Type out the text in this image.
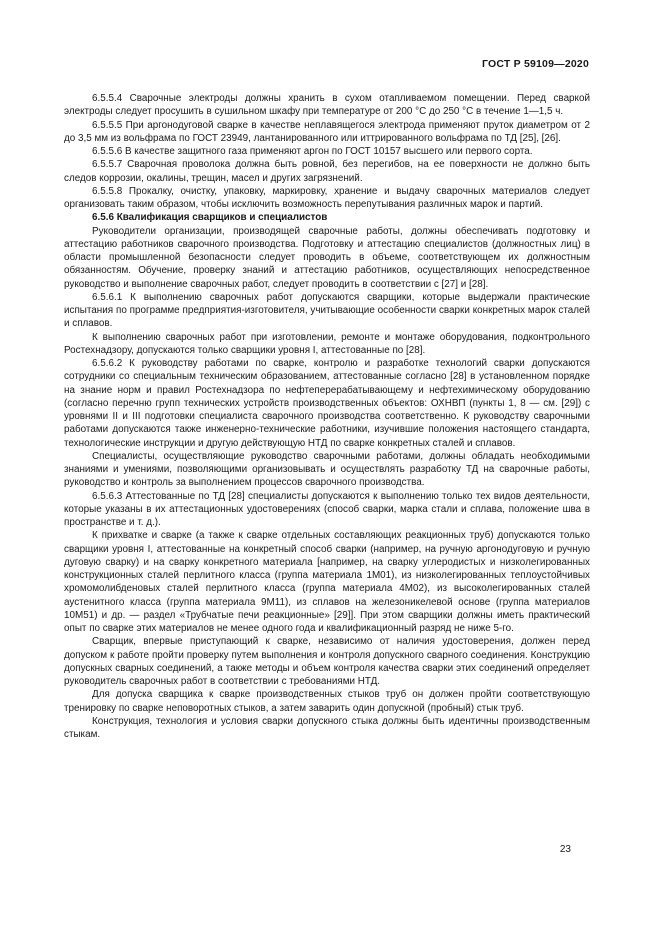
ГОСТ Р 59109—2020

6.5.5.4 Сварочные электроды должны хранить в сухом отапливаемом помещении. Перед сваркой электроды следует просушить в сушильном шкафу при температуре от 200 °С до 250 °С в течение 1—1,5 ч.

6.5.5.5 При аргонодуговой сварке в качестве неплавящегося электрода применяют пруток диаметром от 2 до 3,5 мм из вольфрама по ГОСТ 23949, лантанированного или иттрированного вольфрама по ТД [25], [26].

6.5.5.6 В качестве защитного газа применяют аргон по ГОСТ 10157 высшего или первого сорта.

6.5.5.7 Сварочная проволока должна быть ровной, без перегибов, на ее поверхности не должно быть следов коррозии, окалины, трещин, масел и других загрязнений.

6.5.5.8 Прокалку, очистку, упаковку, маркировку, хранение и выдачу сварочных материалов следует организовать таким образом, чтобы исключить возможность перепутывания различных марок и партий.

6.5.6 Квалификация сварщиков и специалистов

Руководители организации, производящей сварочные работы, должны обеспечивать подготовку и аттестацию работников сварочного производства. Подготовку и аттестацию специалистов (должностных лиц) в области промышленной безопасности следует проводить в объеме, соответствующем их должностным обязанностям. Обучение, проверку знаний и аттестацию работников, осуществляющих непосредственное руководство и выполнение сварочных работ, следует проводить в соответствии с [27] и [28].

6.5.6.1 К выполнению сварочных работ допускаются сварщики, которые выдержали практические испытания по программе предприятия-изготовителя, учитывающие особенности сварки конкретных марок сталей и сплавов.

К выполнению сварочных работ при изготовлении, ремонте и монтаже оборудования, подконтрольного Ростехнадзору, допускаются только сварщики уровня I, аттестованные по [28].

6.5.6.2 К руководству работами по сварке, контролю и разработке технологий сварки допускаются сотрудники со специальным техническим образованием, аттестованные согласно [28] в установленном порядке на знание норм и правил Ростехнадзора по нефтеперерабатывающему и нефтехимическому оборудованию (согласно перечню групп технических устройств производственных объектов: ОХНВП (пункты 1, 8 — см. [29]) с уровнями II и III подготовки специалиста сварочного производства соответственно. К руководству сварочными работами допускаются также инженерно-технические работники, изучившие положения настоящего стандарта, технологические инструкции и другую действующую НТД по сварке конкретных сталей и сплавов.

Специалисты, осуществляющие руководство сварочными работами, должны обладать необходимыми знаниями и умениями, позволяющими организовывать и осуществлять разработку ТД на сварочные работы, руководство и контроль за выполнением процессов сварочного производства.

6.5.6.3 Аттестованные по ТД [28] специалисты допускаются к выполнению только тех видов деятельности, которые указаны в их аттестационных удостоверениях (способ сварки, марка стали и сплава, положение шва в пространстве и т. д.).

К прихватке и сварке (а также к сварке отдельных составляющих реакционных труб) допускаются только сварщики уровня I, аттестованные на конкретный способ сварки (например, на ручную аргонодуговую и ручную дуговую сварку) и на сварку конкретного материала [например, на сварку углеродистых и низколегированных конструкционных сталей перлитного класса (группа материала 1М01), из низколегированных теплоустойчивых хромомолибденовых сталей перлитного класса (группа материала 4М02), из высоколегированных сталей аустенитного класса (группа материала 9М11), из сплавов на железоникелевой основе (группа материалов 10М51) и др. — раздел «Трубчатые печи реакционные» [29]]. При этом сварщики должны иметь практический опыт по сварке этих материалов не менее одного года и квалификационный разряд не ниже 5-го.

Сварщик, впервые приступающий к сварке, независимо от наличия удостоверения, должен перед допуском к работе пройти проверку путем выполнения и контроля допускного сварного соединения. Конструкцию допускных сварных соединений, а также методы и объем контроля качества сварки этих соединений определяет руководитель сварочных работ в соответствии с требованиями НТД.

Для допуска сварщика к сварке производственных стыков труб он должен пройти соответствующую тренировку по сварке неповоротных стыков, а затем заварить один допускной (пробный) стык труб.

Конструкция, технология и условия сварки допускного стыка должны быть идентичны производственным стыкам.

23
